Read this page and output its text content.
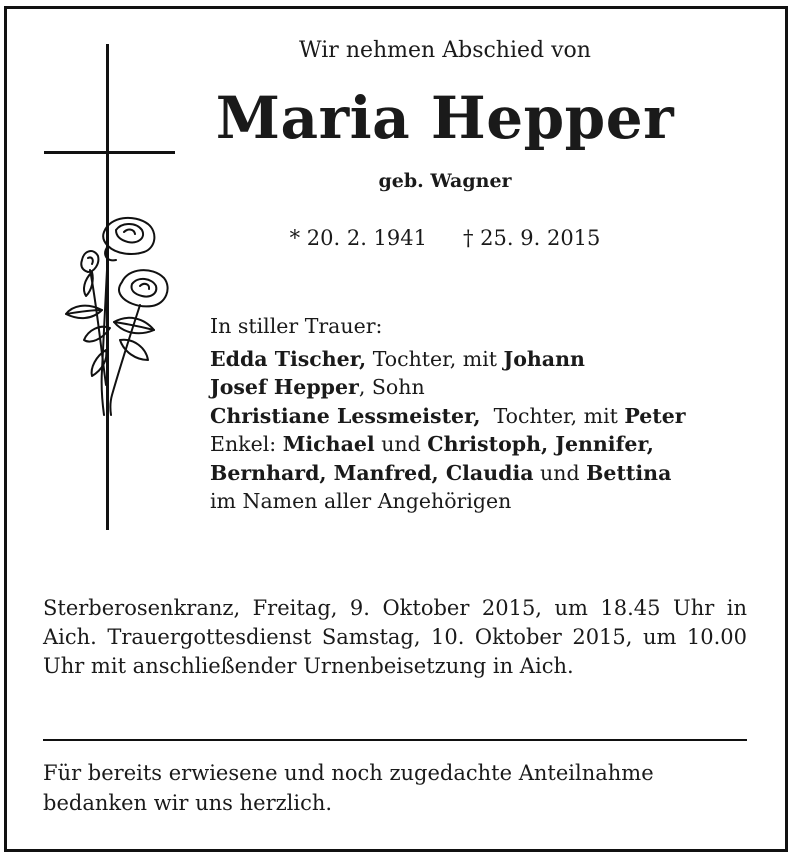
Wir nehmen Abschied von
Maria Hepper
geb. Wagner
* 20. 2. 1941 † 25. 9. 2015
In stiller Trauer:
Edda Tischer, Tochter, mit Johann
Josef Hepper, Sohn
Christiane Lessmeister,  Tochter, mit Peter
Enkel: Michael und Christoph, Jennifer,
Bernhard, Manfred, Claudia und Bettina
im Namen aller Angehörigen
Sterberosenkranz, Freitag, 9. Oktober 2015, um 18.45 Uhr in Aich. Trauergottesdienst Samstag, 10. Oktober 2015, um 10.00 Uhr mit anschließender Urnenbeisetzung in Aich.
Für bereits erwiesene und noch zugedachte Anteilnahme bedanken wir uns herzlich.
